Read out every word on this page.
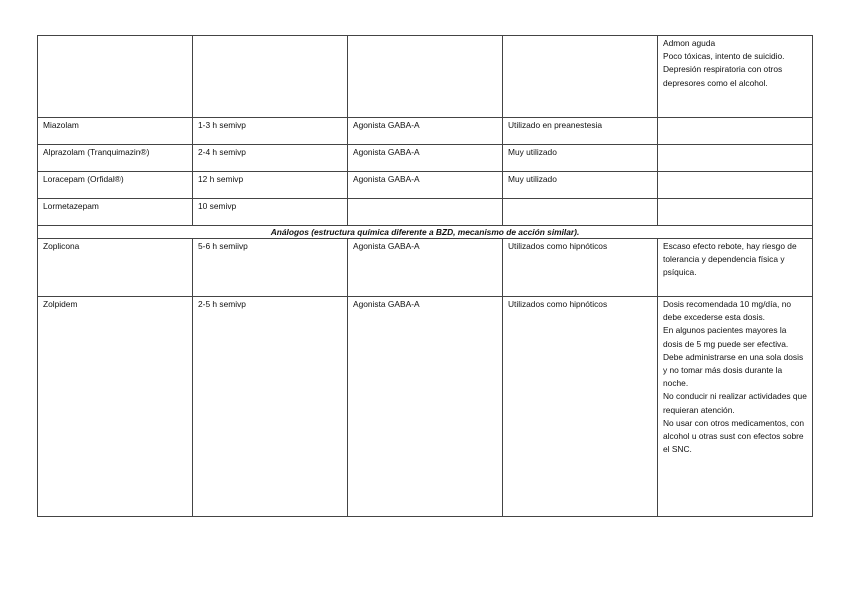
				Admon aguda
Poco tóxicas, intento de suicidio. Depresión respiratoria con otros depresores como el alcohol.

Miazolam	1-3 h semivp	Agonista GABA-A	Utilizado en preanestesia	
Alprazolam (Tranquimazin®)	2-4 h semivp	Agonista GABA-A	Muy utilizado	
Loracepam (Orfidal®)	12 h semivp	Agonista GABA-A	Muy utilizado	
Lormetazepam	10 semivp			
Análogos (estructura química diferente a BZD, mecanismo de acción similar).				
Zoplicona	5-6 h semiivp	Agonista GABA-A	Utilizados como hipnóticos	Escaso efecto rebote, hay riesgo de tolerancia y dependencia física y psíquica.

Zolpidem	2-5 h semivp	Agonista GABA-A	Utilizados como hipnóticos	Dosis recomendada 10 mg/día, no debe excederse esta dosis.
En algunos pacientes mayores la dosis de 5 mg puede ser efectiva.
Debe administrarse en una sola dosis y no tomar más dosis durante la noche.
No conducir ni realizar actividades que requieran atención.
No usar con otros medicamentos, con alcohol u otras sust con efectos sobre el SNC.
